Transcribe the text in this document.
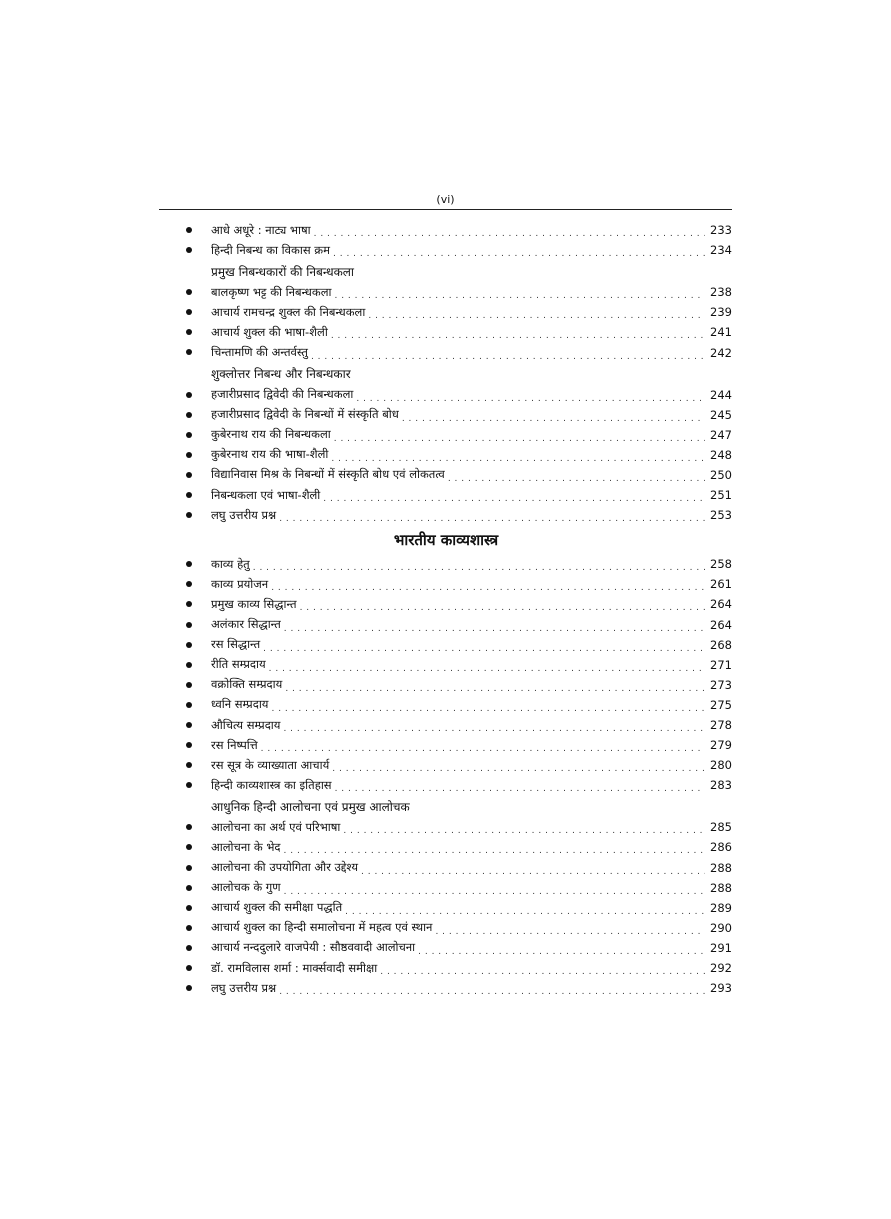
(vi)
आधे अधूरे : नाट्य भाषा . . .	233
हिन्दी निबन्ध का विकास क्रम . . .	234
प्रमुख निबन्धकारों की निबन्धकला
बालकृष्ण भट्ट की निबन्धकला . . .	238
आचार्य रामचन्द्र शुक्ल की निबन्धकला . . .	239
आचार्य शुक्ल की भाषा-शैली . . .	241
चिन्तामणि की अन्तर्वस्तु . . .	242
शुक्लोत्तर निबन्ध और निबन्धकार
हजारीप्रसाद द्विवेदी की निबन्धकला . . .	244
हजारीप्रसाद द्विवेदी के निबन्धों में संस्कृति बोध . . .	245
कुबेरनाथ राय की निबन्धकला . . .	247
कुबेरनाथ राय की भाषा-शैली . . .	248
विद्यानिवास मिश्र के निबन्धों में संस्कृति बोध एवं लोकतत्व . . .	250
निबन्धकला एवं भाषा-शैली . . .	251
लघु उत्तरीय प्रश्न . . .	253
भारतीय काव्यशास्त्र
काव्य हेतु . . .	258
काव्य प्रयोजन . . .	261
प्रमुख काव्य सिद्धान्त . . .	264
अलंकार सिद्धान्त . . .	264
रस सिद्धान्त . . .	268
रीति सम्प्रदाय . . .	271
वक्रोक्ति सम्प्रदाय . . .	273
ध्वनि सम्प्रदाय . . .	275
औचित्य सम्प्रदाय . . .	278
रस निष्पत्ति . . .	279
रस सूत्र के व्याख्याता आचार्य . . .	280
हिन्दी काव्यशास्त्र का इतिहास . . .	283
आधुनिक हिन्दी आलोचना एवं प्रमुख आलोचक
आलोचना का अर्थ एवं परिभाषा . . .	285
आलोचना के भेद . . .	286
आलोचना की उपयोगिता और उद्देश्य . . .	288
आलोचक के गुण . . .	288
आचार्य शुक्ल की समीक्षा पद्धति . . .	289
आचार्य शुक्ल का हिन्दी समालोचना में महत्व एवं स्थान . . .	290
आचार्य नन्ददुलारे वाजपेयी : सौष्ठववादी आलोचना . . .	291
डॉ. रामविलास शर्मा : मार्क्सवादी समीक्षा . . .	292
लघु उत्तरीय प्रश्न . . .	293
